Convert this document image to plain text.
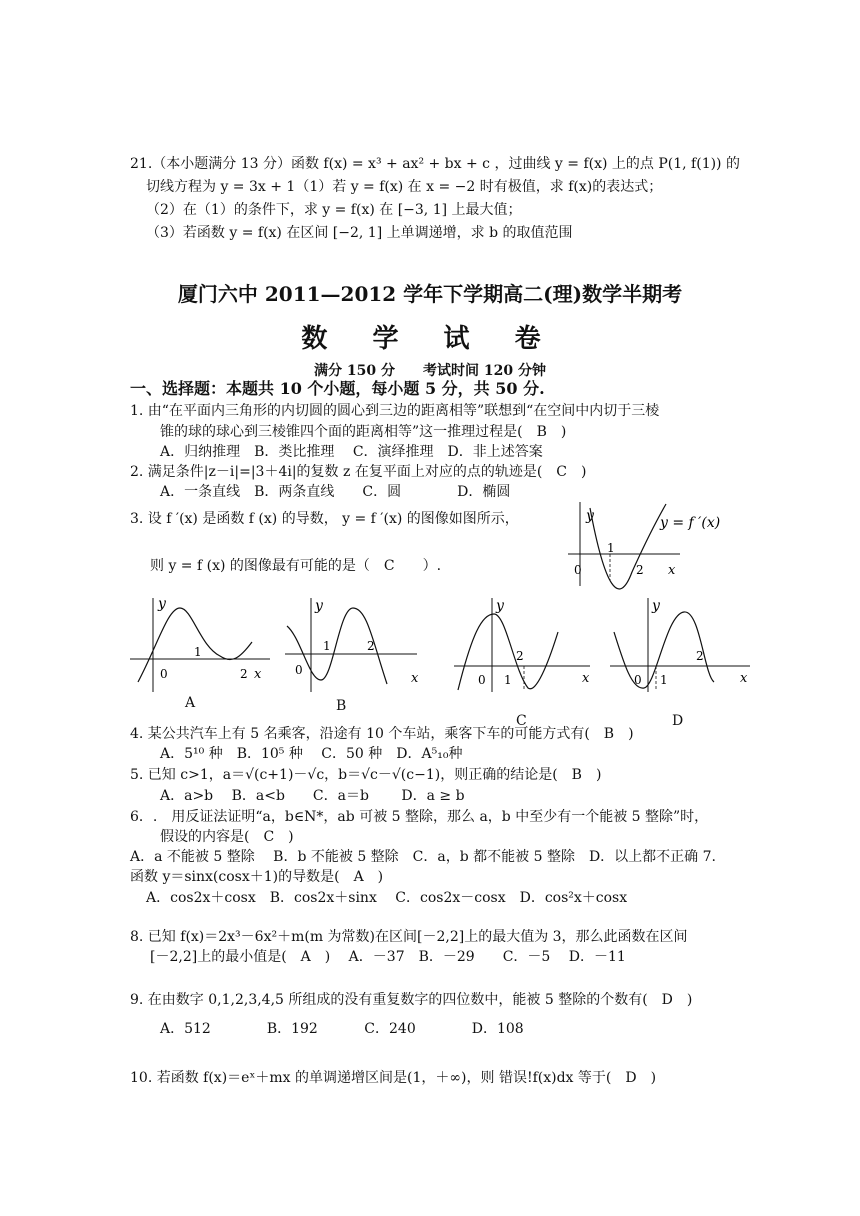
21.（本小题满分 13 分）函数 f(x) = x³ + ax² + bx + c ，过曲线 y = f(x) 上的点 P(1, f(1)) 的
切线方程为 y = 3x + 1（1）若 y = f(x) 在 x = −2 时有极值，求 f(x)的表达式；
（2）在（1）的条件下，求 y = f(x) 在 [−3, 1] 上最大值；
（3）若函数 y = f(x) 在区间 [−2, 1] 上单调递增，求 b 的取值范围
厦门六中 2011—2012 学年下学期高二(理)数学半期考
数 学 试 卷
满分 150 分　　考试时间 120 分钟
一、选择题：本题共 10 个小题，每小题 5 分，共 50 分.
1. 由“在平面内三角形的内切圆的圆心到三边的距离相等”联想到“在空间中内切于三棱
锥的球的球心到三棱锥四个面的距离相等”这一推理过程是(　B　)
A．归纳推理　B．类比推理　 C．演绎推理　D．非上述答案
2. 满足条件|z－i|=|3＋4i|的复数 z 在复平面上对应的点的轨迹是(　C　)
A．一条直线　B．两条直线　　C．圆　　　　D．椭圆
3. 设 f ′(x) 是函数 f (x) 的导数， y = f ′(x) 的图像如图所示，
则 y = f (x) 的图像最有可能的是（　C　　）.
y
0
1
2 x
y = f ′(x)
y
0
1
2 x
A
y
0
1	2
x
B
y
0 1
2
x
C
y
0 1
2
x
D
4. 某公共汽车上有 5 名乘客，沿途有 10 个车站，乘客下车的可能方式有(　B　)
A．5¹⁰ 种　B．10⁵ 种　 C．50 种　D．A⁵₁₀种
5. 已知 c>1，a＝√(c+1)－√c，b＝√c－√(c−1)，则正确的结论是(　B　)
A．a>b　 B．a<b　　C．a＝b　　 D．a ≥ b
6．.　用反证法证明“a，b∈N*，ab 可被 5 整除，那么 a，b 中至少有一个能被 5 整除”时，
假设的内容是(　C　)
A．a 不能被 5 整除　 B．b 不能被 5 整除　C．a，b 都不能被 5 整除　D．以上都不正确 7.
函数 y＝sinx(cosx＋1)的导数是(　A　)
A．cos2x＋cosx　B．cos2x＋sinx　 C．cos2x－cosx　D．cos²x＋cosx
8. 已知 f(x)＝2x³－6x²＋m(m 为常数)在区间[－2,2]上的最大值为 3，那么此函数在区间
[－2,2]上的最小值是(　A　)　 A．－37　B．－29　　C．－5　 D．－11
9. 在由数字 0,1,2,3,4,5 所组成的没有重复数字的四位数中，能被 5 整除的个数有(　D　)
A．512　　　　B．192　　　 C．240　　　　D．108
10. 若函数 f(x)＝eˣ＋mx 的单调递增区间是(1，＋∞)，则 错误!f(x)dx 等于(　D　)
